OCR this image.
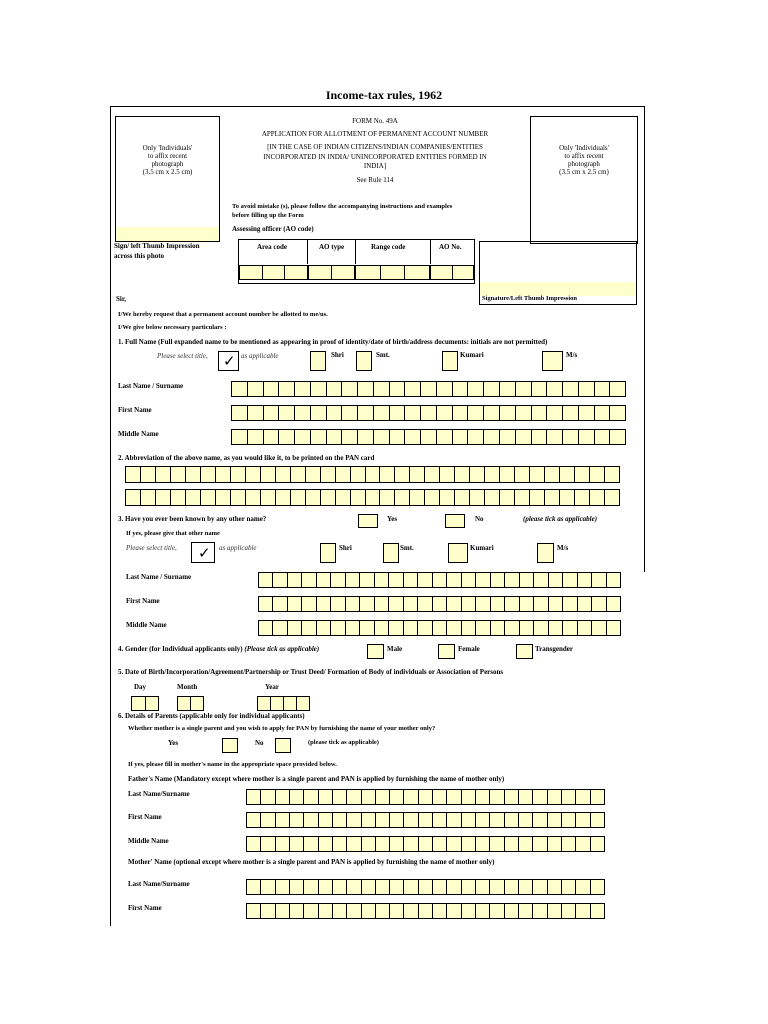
Income-tax rules, 1962
Only 'Individuals'
to affix recent
photograph
(3.5 cm x 2.5 cm)
Sign/ left Thumb Impression
across this photo
Only 'Individuals'
to affix recent
photograph
(3.5 cm x 2.5 cm)
FORM No. 49A
APPLICATION FOR ALLOTMENT OF PERMANENT ACCOUNT NUMBER
[IN THE CASE OF INDIAN CITIZENS/INDIAN COMPANIES/ENTITIES
INCORPORATED IN INDIA/ UNINCORPORATED ENTITIES FORMED IN
INDIA]
See Rule 114
To avoid mistake (s), please follow the accompanying instructions and examples
before filling up the Form
Assessing officer (AO code)
Area code	AO type	Range code	AO No.
Signature/Left Thumb Impression
Sir,
I/We hereby request that a permanent account number be allotted to me/us.
I/We give below necessary particulars :
1. Full Name (Full expanded name to be mentioned as appearing in proof of identity/date of birth/address documents: initials are not permitted)
Please select title, ✓ as applicable	Shri	Smt.	Kumari	M/s
Last Name / Surname
First Name
Middle Name
2. Abbreviation of the above name, as you would like it, to be printed on the PAN card
3. Have you ever been known by any other name?	Yes	No	(please tick as applicable)
If yes, please give that other name
Please select title, ✓ as applicable	Shri	Smt.	Kumari	M/s
Last Name / Surname
First Name
Middle Name
4. Gender (for Individual applicants only) (Please tick as applicable)	Male	Female	Transgender
5. Date of Birth/Incorporation/Agreement/Partnership or Trust Deed/ Formation of Body of individuals or Association of Persons
Day	Month	Year
6. Details of Parents (applicable only for individual applicants)
Whether mother is a single parent and you wish to apply for PAN by furnishing the name of your mother only?
Yes	No	(please tick as applicable)
If yes, please fill in mother's name in the appropriate space provided below.
Father's Name (Mandatory except where mother is a single parent and PAN is applied by furnishing the name of mother only)
Last Name/Surname
First Name
Middle Name
Mother' Name (optional except where mother is a single parent and PAN is applied by furnishing the name of mother only)
Last Name/Surname
First Name
